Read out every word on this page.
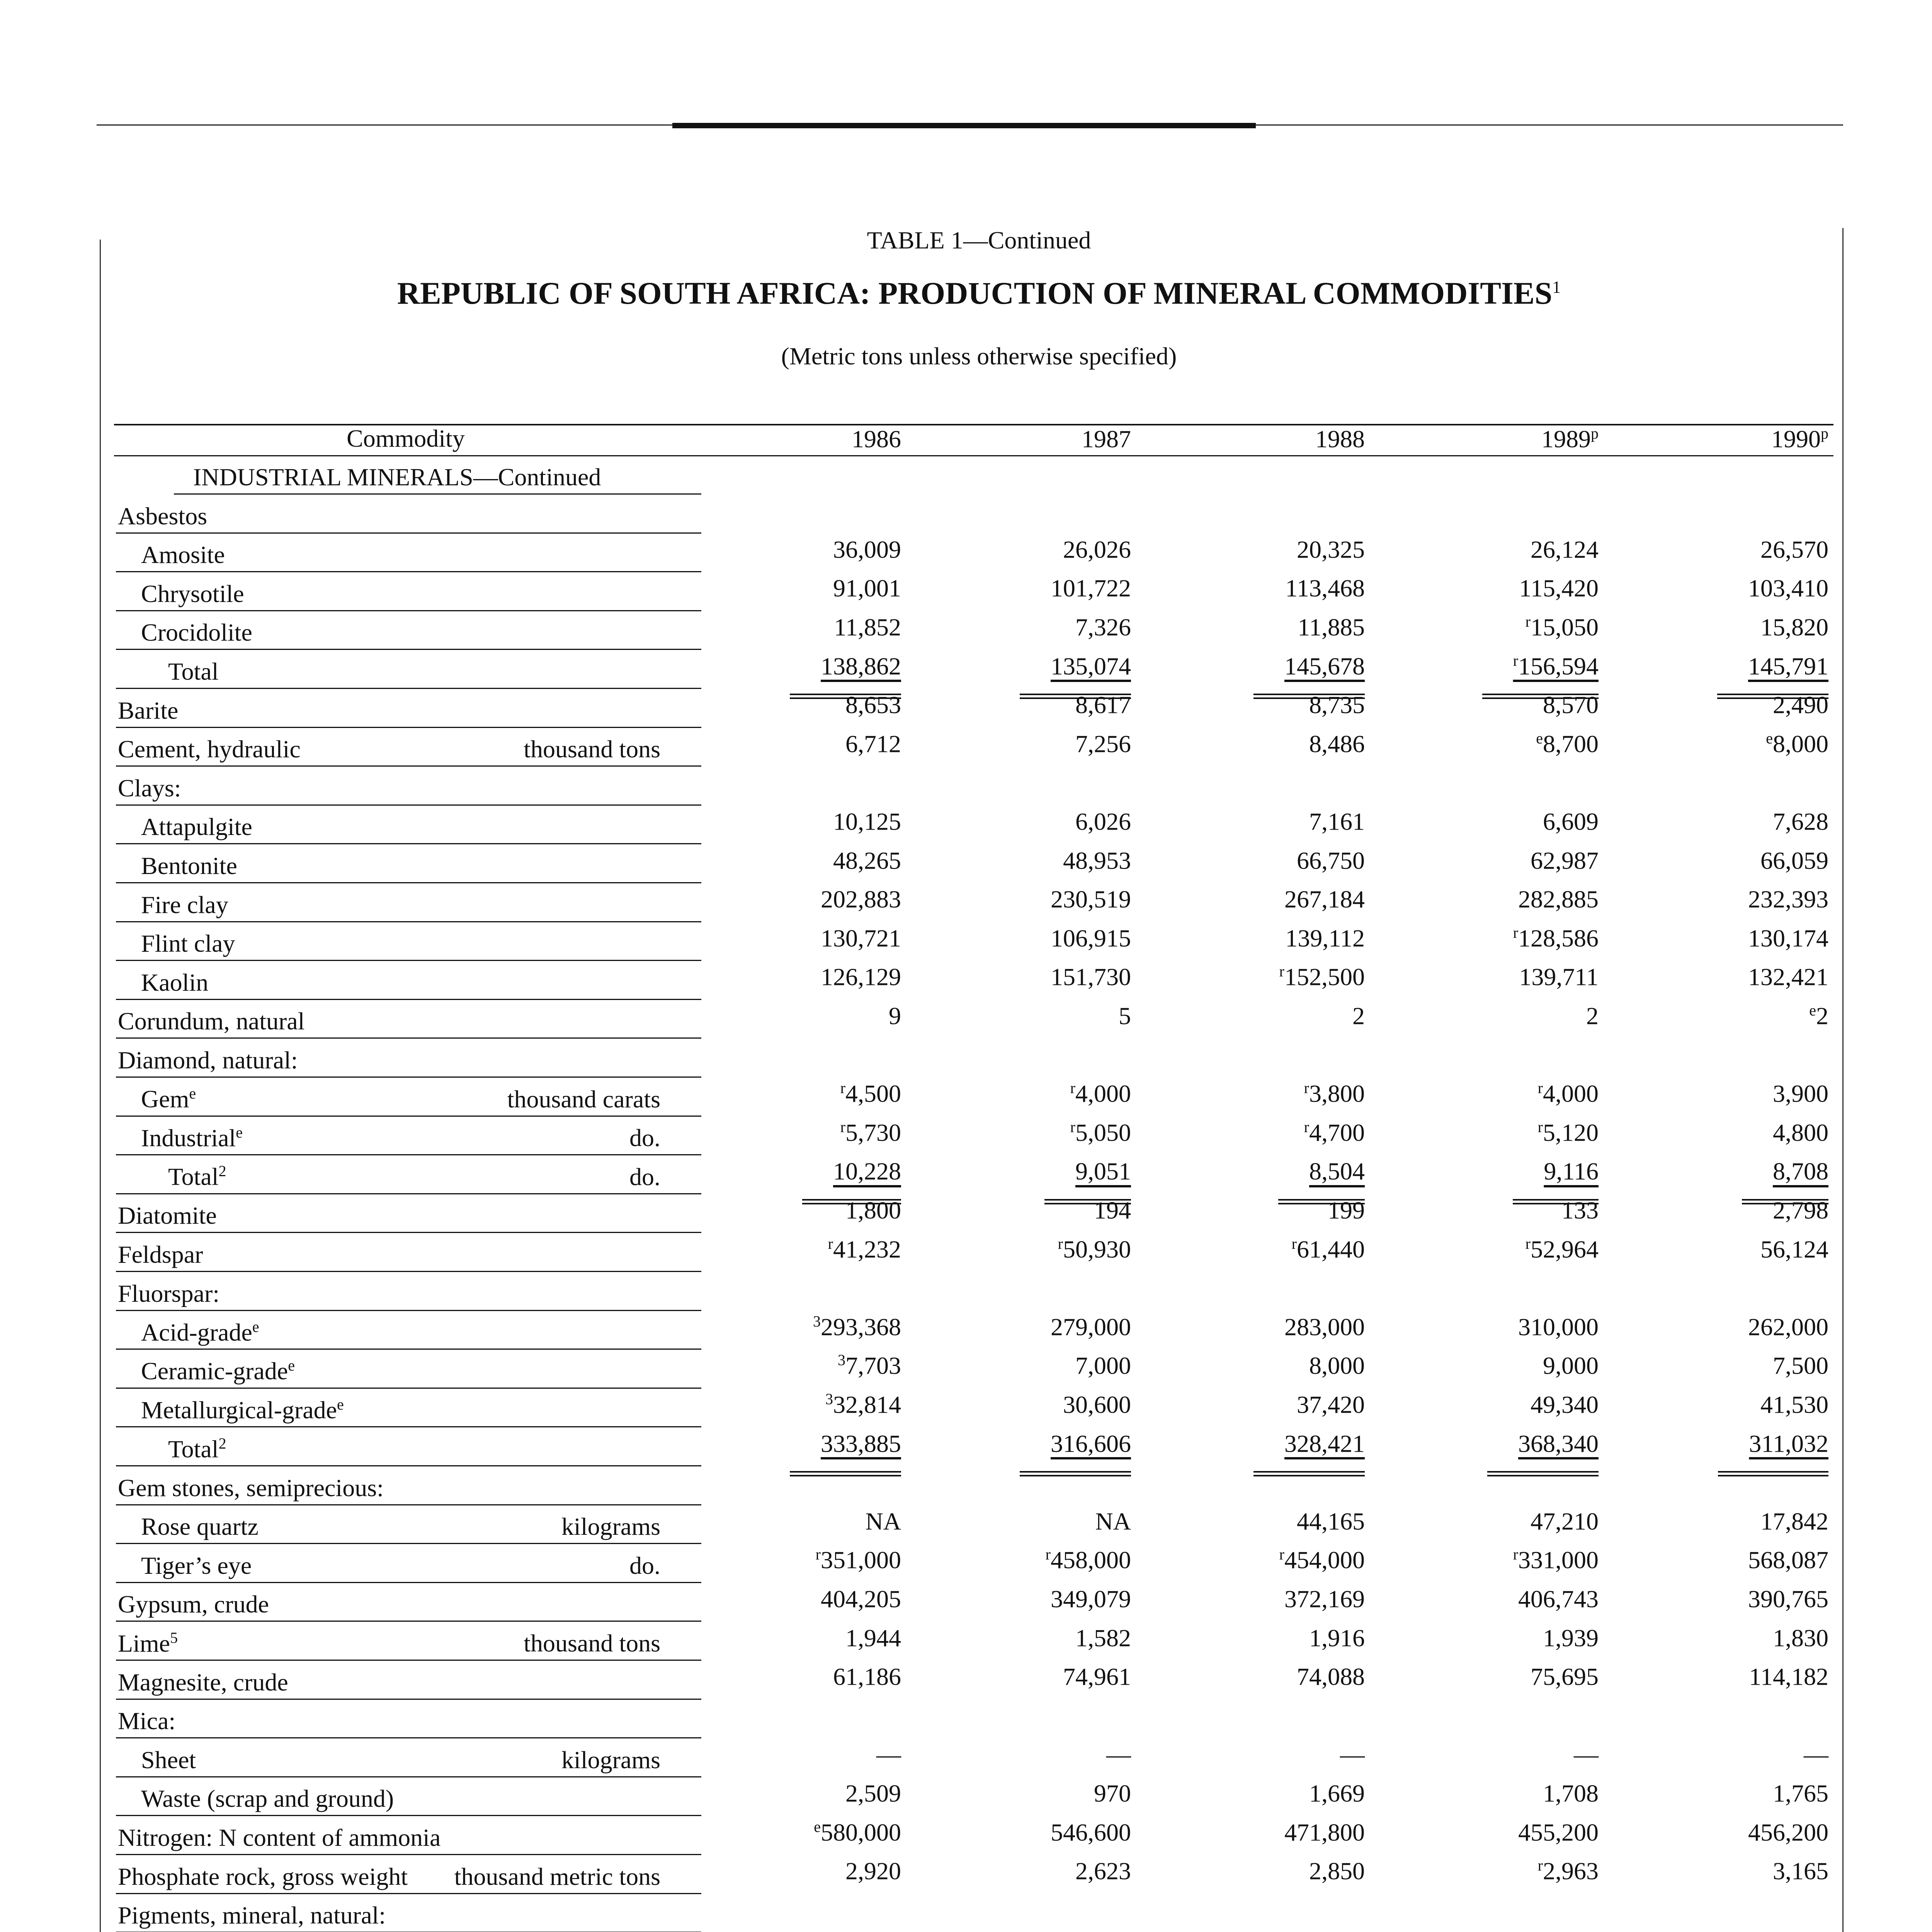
TABLE 1—Continued
REPUBLIC OF SOUTH AFRICA: PRODUCTION OF MINERAL COMMODITIES$^1$
(Metric tons unless otherwise specified)
Commodity	1986	1987	1988	1989$^p$	1990$^p$
INDUSTRIAL MINERALS—Continued
Asbestos
Amosite	36,009	26,026	20,325	26,124	26,570
Chrysotile	91,001	101,722	113,468	115,420	103,410
Crocidolite	11,852	7,326	11,885	$^r$15,050	15,820
Total	138,862	135,074	145,678	$^r$156,594	145,791
Barite	8,653	8,617	8,735	8,570	2,490
Cement, hydraulic	thousand tons	6,712	7,256	8,486	$^e$8,700	$^e$8,000
Clays:
Attapulgite	10,125	6,026	7,161	6,609	7,628
Bentonite	48,265	48,953	66,750	62,987	66,059
Fire clay	202,883	230,519	267,184	282,885	232,393
Flint clay	130,721	106,915	139,112	$^r$128,586	130,174
Kaolin	126,129	151,730	$^r$152,500	139,711	132,421
Corundum, natural	9	5	2	2	$^e$2
Diamond, natural:
Gem$^e$	thousand carats	$^r$4,500	$^r$4,000	$^r$3,800	$^r$4,000	3,900
Industrial$^e$	do.	$^r$5,730	$^r$5,050	$^r$4,700	$^r$5,120	4,800
Total$^2$	do.	10,228	9,051	8,504	9,116	8,708
Diatomite	1,800	194	199	133	2,798
Feldspar	$^r$41,232	$^r$50,930	$^r$61,440	$^r$52,964	56,124
Fluorspar:
Acid-grade$^e$	$^3$293,368	279,000	283,000	310,000	262,000
Ceramic-grade$^e$	$^3$7,703	7,000	8,000	9,000	7,500
Metallurgical-grade$^e$	$^3$32,814	30,600	37,420	49,340	41,530
Total$^2$	333,885	316,606	328,421	368,340	311,032
Gem stones, semiprecious:
Rose quartz	kilograms	NA	NA	44,165	47,210	17,842
Tiger’s eye	do.	$^r$351,000	$^r$458,000	$^r$454,000	$^r$331,000	568,087
Gypsum, crude	404,205	349,079	372,169	406,743	390,765
Lime$^5$	thousand tons	1,944	1,582	1,916	1,939	1,830
Magnesite, crude	61,186	74,961	74,088	75,695	114,182
Mica:
Sheet	kilograms	—	—	—	—	—
Waste (scrap and ground)	2,509	970	1,669	1,708	1,765
Nitrogen: N content of ammonia	$^e$580,000	546,600	471,800	455,200	456,200
Phosphate rock, gross weight thousand metric tons	2,920	2,623	2,850	$^r$2,963	3,165
Pigments, mineral, natural:
